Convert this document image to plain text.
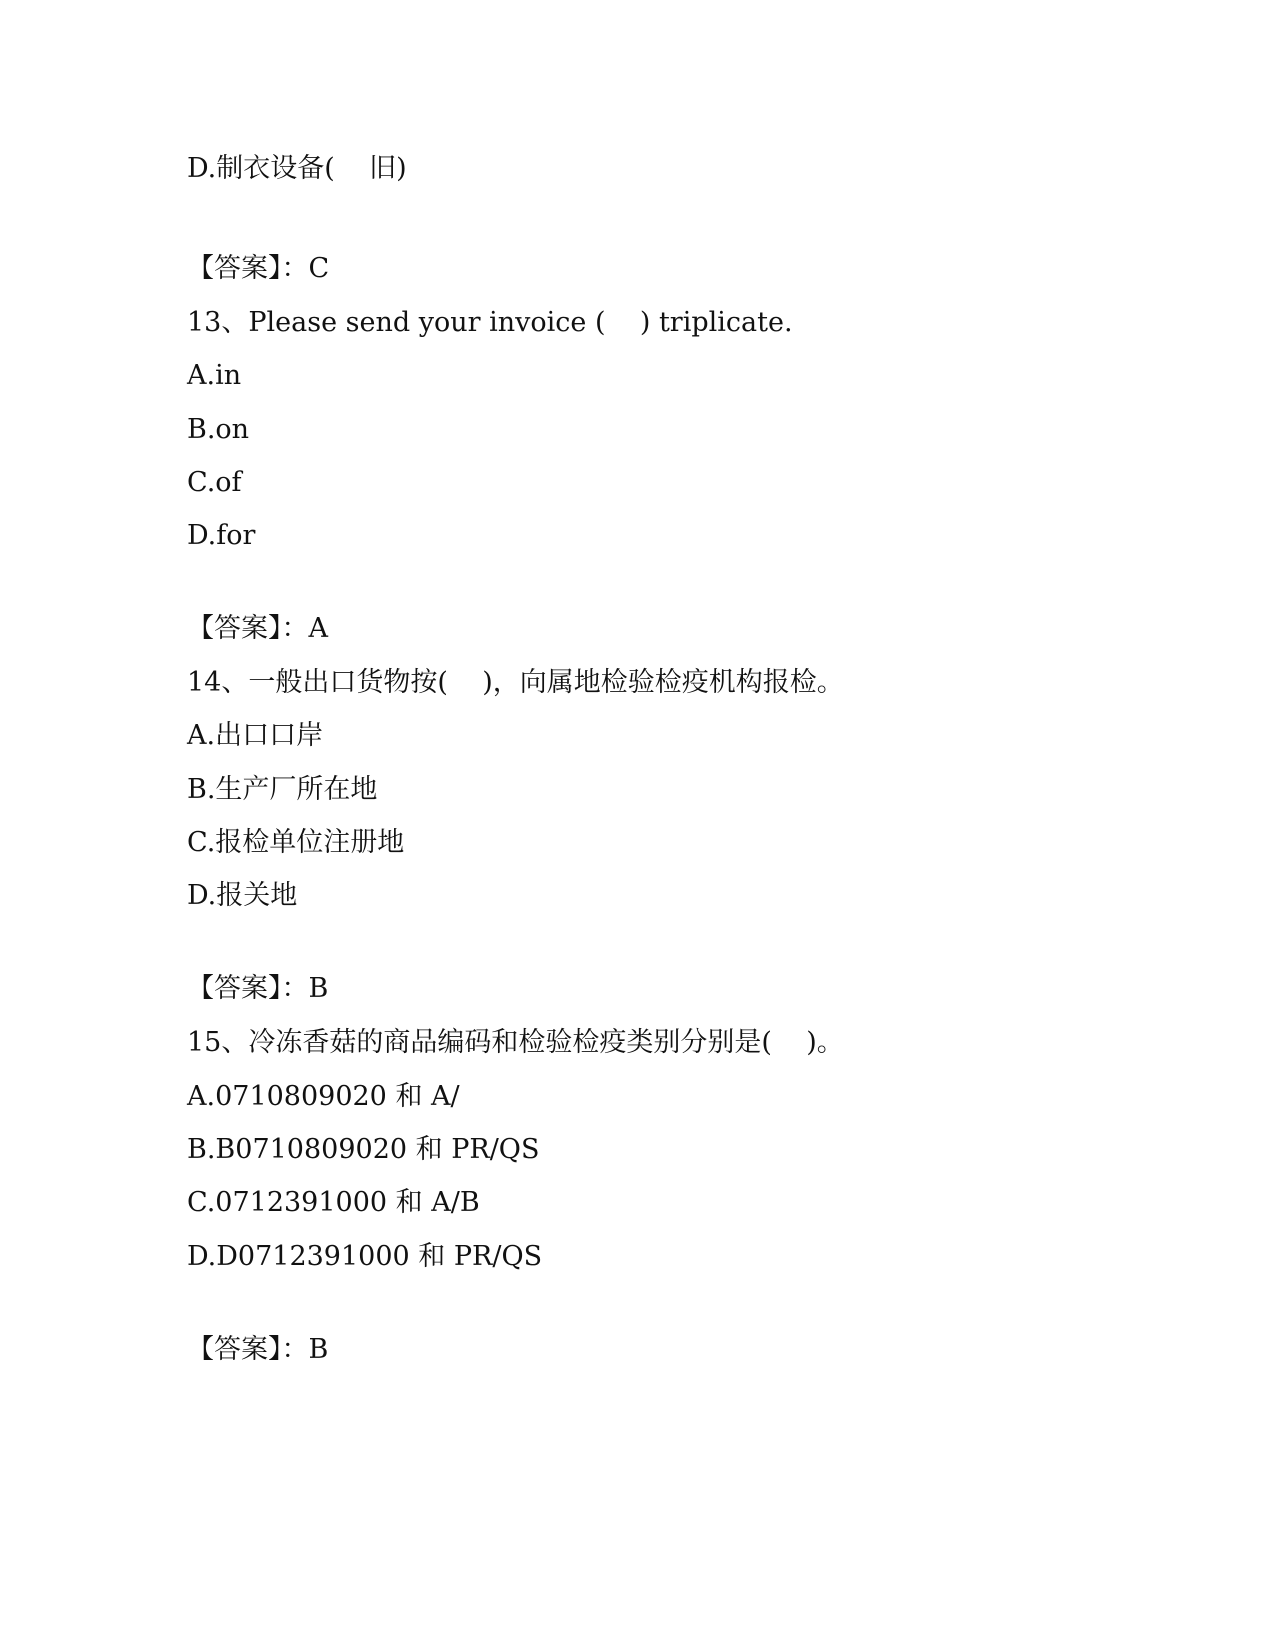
D.制衣设备(    旧)
【答案】：C
13、Please send your invoice (    ) triplicate.
A.in
B.on
C.of
D.for
【答案】：A
14、一般出口货物按(    )，向属地检验检疫机构报检。
A.出口口岸
B.生产厂所在地
C.报检单位注册地
D.报关地
【答案】：B
15、冷冻香菇的商品编码和检验检疫类别分别是(    )。
A.0710809020 和 A/
B.B0710809020 和 PR/QS
C.0712391000 和 A/B
D.D0712391000 和 PR/QS
【答案】：B
